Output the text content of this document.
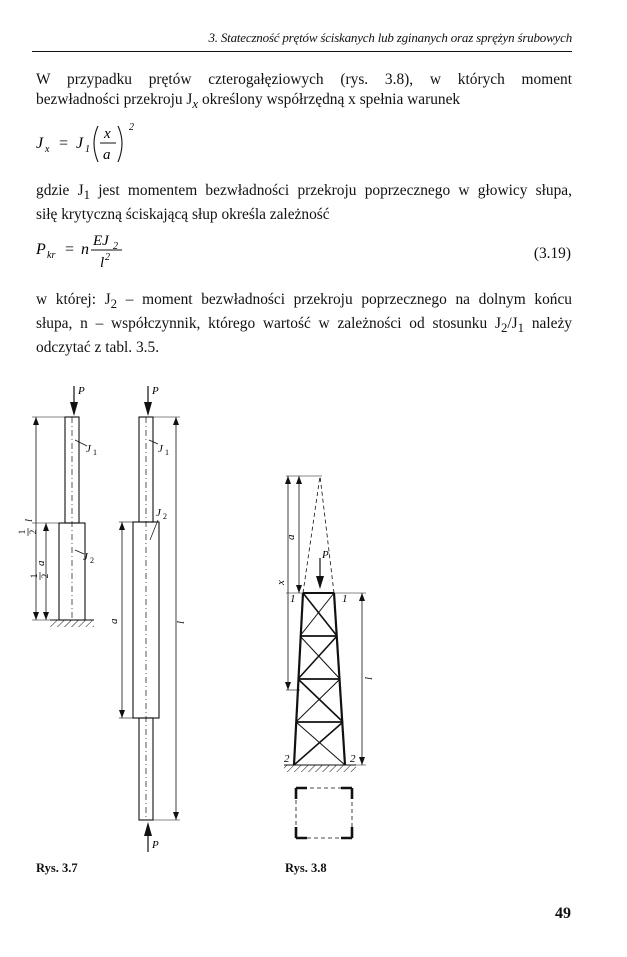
3. Stateczność prętów ściskanych lub zginanych oraz sprężyn śrubowych
W przypadku prętów czterogałęziowych (rys. 3.8), w których moment
bezwładności przekroju $J_x$ określony współrzędną x spełnia warunek
J x = J 1
x
a
2
gdzie $J_1$ jest momentem bezwładności przekroju poprzecznego w głowicy słupa,
siłę krytyczną ściskającą słup określa zależność
P kr = n EJ 2
l 2	(3.19)
w której: $J_2$ – moment bezwładności przekroju poprzecznego na dolnym końcu
słupa, n – współczynnik, którego wartość w zależności od stosunku $J_2/J_1$ należy
odczytać z tabl. 3.5.
P
J 1
J 2
1 2
l
1 2
a
P
P
J 1
J 2
a	l
P
a
x
l
1	1
2	2
Rys. 3.7	Rys. 3.8
49
